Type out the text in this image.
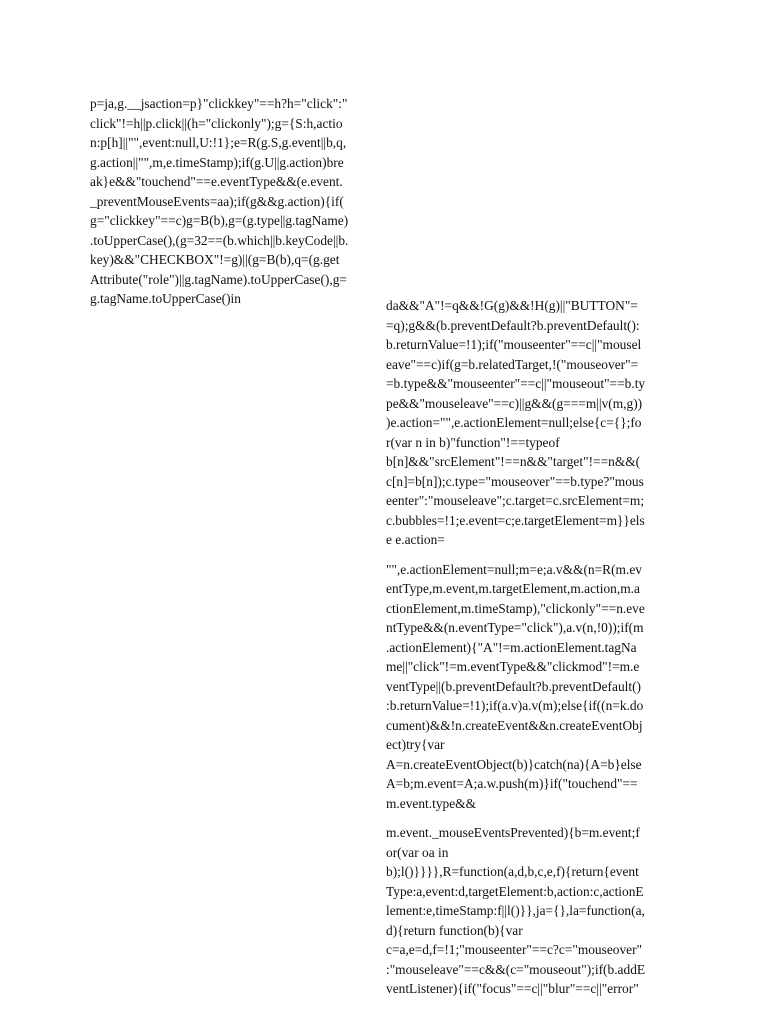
p=ja,g.__jsaction=p}"clickkey"==h?h="click":"
click"!=h||p.click||(h="clickonly");g={S:h,actio
n:p[h]||"",event:null,U:!1};e=R(g.S,g.event||b,q,
g.action||"",m,e.timeStamp);if(g.U||g.action)bre
ak}e&&"touchend"==e.eventType&&(e.event.
_preventMouseEvents=aa);if(g&&g.action){if(
g="clickkey"==c)g=B(b),g=(g.type||g.tagName)
.toUpperCase(),(g=32==(b.which||b.keyCode||b.
key)&&"CHECKBOX"!=g)||(g=B(b),q=(g.get
Attribute("role")||g.tagName).toUpperCase(),g=
g.tagName.toUpperCase()in	da&&"A"!=q&&!G(g)&&!H(g)||"BUTTON"=
=q);g&&(b.preventDefault?b.preventDefault():
b.returnValue=!1);if("mouseenter"==c||"mousel
eave"==c)if(g=b.relatedTarget,!("mouseover"=
=b.type&&"mouseenter"==c||"mouseout"==b.ty
pe&&"mouseleave"==c)||g&&(g===m||v(m,g))
)e.action="",e.actionElement=null;else{c={};fo
r(var n in b)"function"!==typeof
b[n]&&"srcElement"!==n&&"target"!==n&&(
c[n]=b[n]);c.type="mouseover"==b.type?"mous
eenter":"mouseleave";c.target=c.srcElement=m;
c.bubbles=!1;e.event=c;e.targetElement=m}}els
e e.action=

"",e.actionElement=null;m=e;a.v&&(n=R(m.ev
entType,m.event,m.targetElement,m.action,m.a
ctionElement,m.timeStamp),"clickonly"==n.eve
ntType&&(n.eventType="click"),a.v(n,!0));if(m
.actionElement){"A"!=m.actionElement.tagNa
me||"click"!=m.eventType&&"clickmod"!=m.e
ventType||(b.preventDefault?b.preventDefault()
:b.returnValue=!1);if(a.v)a.v(m);else{if((n=k.do
cument)&&!n.createEvent&&n.createEventObj
ect)try{var
A=n.createEventObject(b)}catch(na){A=b}else
A=b;m.event=A;a.w.push(m)}if("touchend"==
m.event.type&&

m.event._mouseEventsPrevented){b=m.event;f
or(var oa in
b);l()}}}},R=function(a,d,b,c,e,f){return{event
Type:a,event:d,targetElement:b,action:c,actionE
lement:e,timeStamp:f||l()}},ja={},la=function(a,
d){return function(b){var
c=a,e=d,f=!1;"mouseenter"==c?c="mouseover"
:"mouseleave"==c&&(c="mouseout");if(b.addE
ventListener){if("focus"==c||"blur"==c||"error"
